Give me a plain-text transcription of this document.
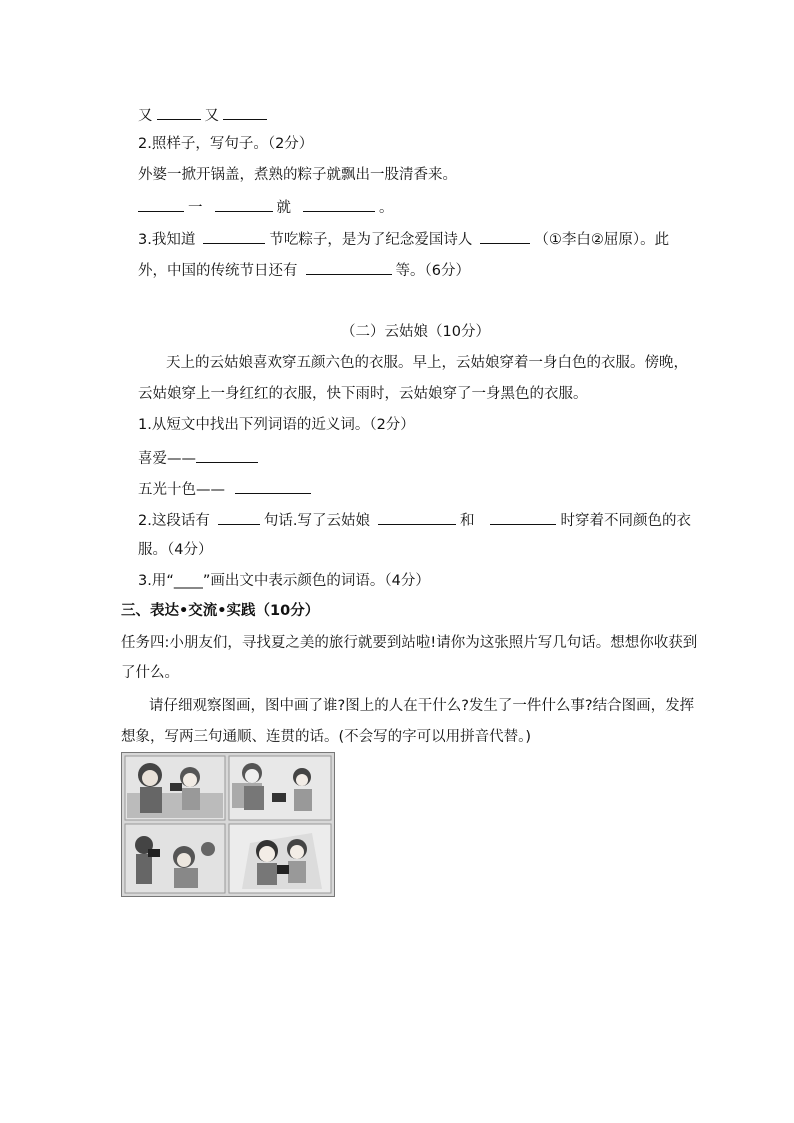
又	又
2.照样子，写句子。（2分）
外婆一掀开锅盖，煮熟的粽子就飘出一股清香来。
一	就	。
3.我知道	节吃粽子，是为了纪念爱国诗人	（①李白②屈原）。此
外，中国的传统节日还有	等。（6分）
（二）云姑娘（10分）
天上的云姑娘喜欢穿五颜六色的衣服。早上，云姑娘穿着一身白色的衣服。傍晚，
云姑娘穿上一身红红的衣服，快下雨时，云姑娘穿了一身黑色的衣服。
1.从短文中找出下列词语的近义词。（2分）
喜爱——
五光十色——
2.这段话有	句话.写了云姑娘	和	时穿着不同颜色的衣
服。（4分）
3.用“____”画出文中表示颜色的词语。（4分）
三、表达•交流•实践（10分）
任务四:小朋友们，寻找夏之美的旅行就要到站啦!请你为这张照片写几句话。想想你收获到
了什么。
请仔细观察图画，图中画了谁?图上的人在干什么?发生了一件什么事?结合图画，发挥
想象，写两三句通顺、连贯的话。(不会写的字可以用拼音代替。)
